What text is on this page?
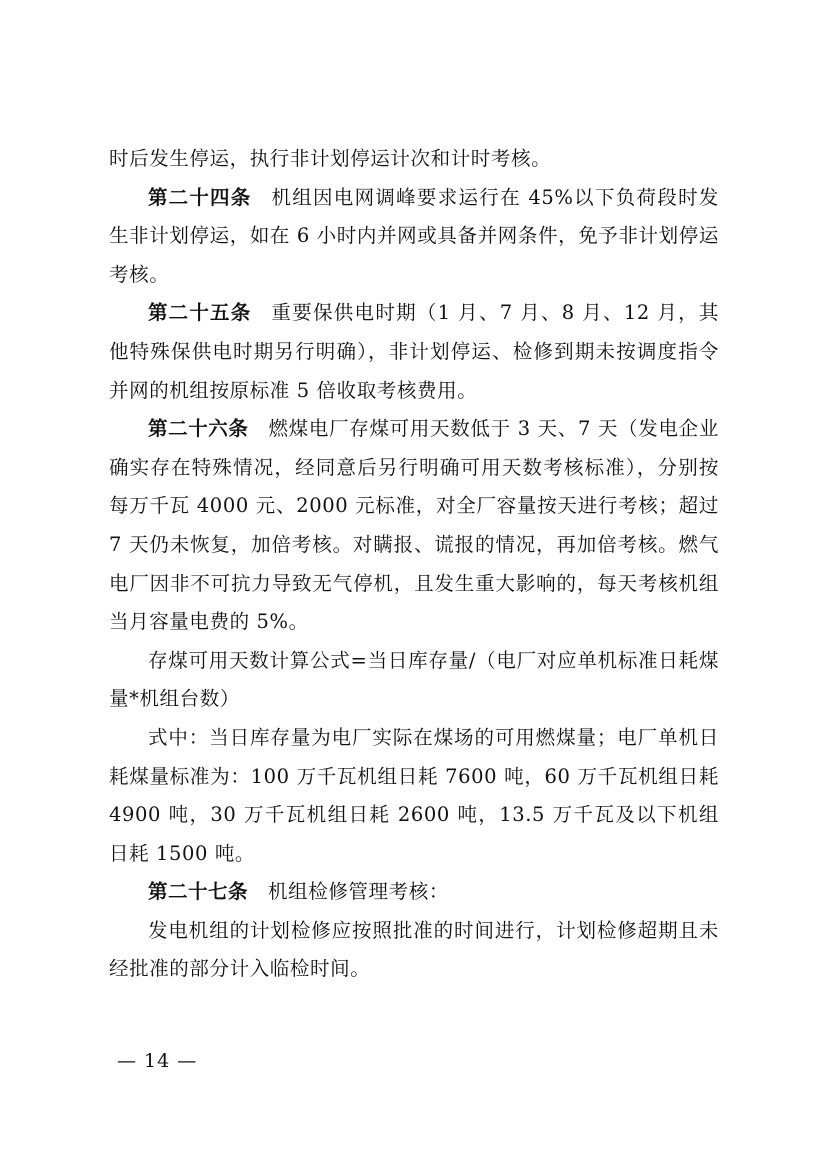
时后发生停运，执行非计划停运计次和计时考核。

第二十四条 机组因电网调峰要求运行在 45%以下负荷段时发生非计划停运，如在 6 小时内并网或具备并网条件，免予非计划停运考核。

第二十五条 重要保供电时期（1 月、7 月、8 月、12 月，其他特殊保供电时期另行明确），非计划停运、检修到期未按调度指令并网的机组按原标准 5 倍收取考核费用。

第二十六条 燃煤电厂存煤可用天数低于 3 天、7 天（发电企业确实存在特殊情况，经同意后另行明确可用天数考核标准），分别按每万千瓦 4000 元、2000 元标准，对全厂容量按天进行考核；超过 7 天仍未恢复，加倍考核。对瞒报、谎报的情况，再加倍考核。燃气电厂因非不可抗力导致无气停机，且发生重大影响的，每天考核机组当月容量电费的 5%。

存煤可用天数计算公式=当日库存量/（电厂对应单机标准日耗煤量*机组台数）

式中：当日库存量为电厂实际在煤场的可用燃煤量；电厂单机日耗煤量标准为：100 万千瓦机组日耗 7600 吨，60 万千瓦机组日耗 4900 吨，30 万千瓦机组日耗 2600 吨，13.5 万千瓦及以下机组日耗 1500 吨。

第二十七条 机组检修管理考核：

发电机组的计划检修应按照批准的时间进行，计划检修超期且未经批准的部分计入临检时间。

— 14 —
